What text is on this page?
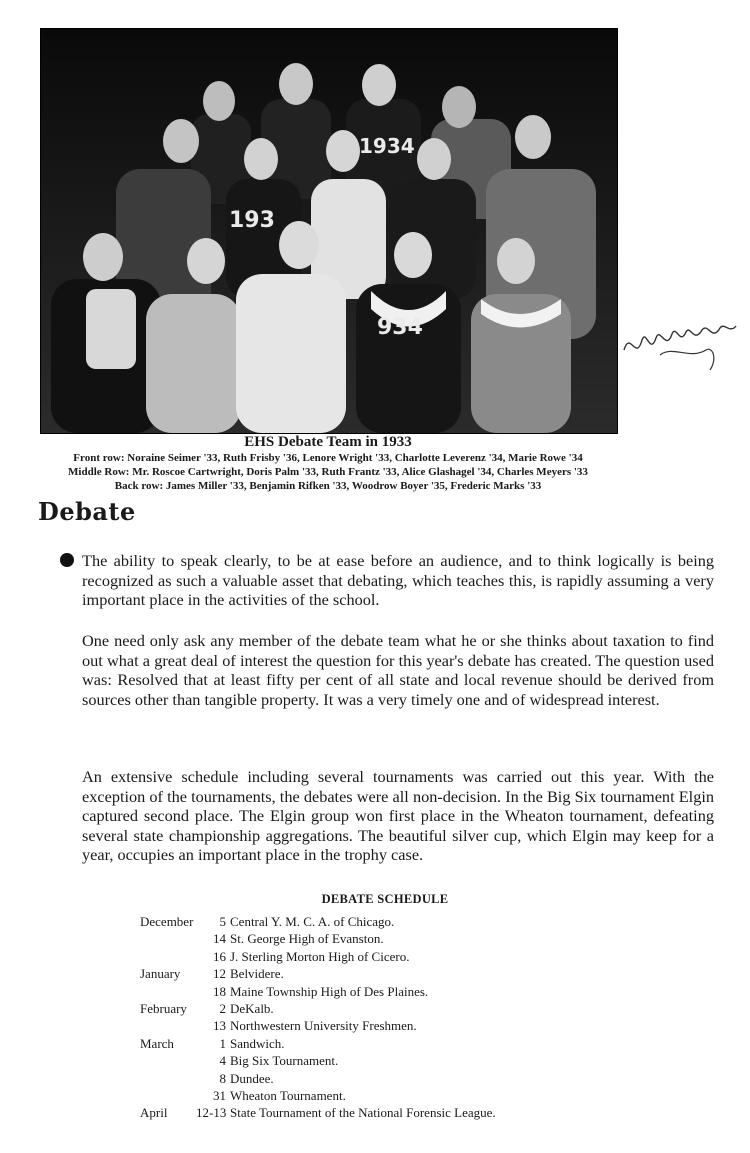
1934
193
934
EHS Debate Team in 1933
Front row: Noraine Seimer '33, Ruth Frisby '36, Lenore Wright '33, Charlotte Leverenz '34, Marie Rowe '34
Middle Row: Mr. Roscoe Cartwright, Doris Palm '33, Ruth Frantz '33, Alice Glashagel '34, Charles Meyers '33
Back row: James Miller '33, Benjamin Rifken '33, Woodrow Boyer '35, Frederic Marks '33
Debate

The ability to speak clearly, to be at ease before an audience, and to think logically is being recognized as such a valuable asset that debating, which teaches this, is rapidly assuming a very important place in the activities of the school.

One need only ask any member of the debate team what he or she thinks about taxation to find out what a great deal of interest the question for this year's debate has created. The question used was: Resolved that at least fifty per cent of all state and local revenue should be derived from sources other than tangible property. It was a very timely one and of widespread interest.

An extensive schedule including several tournaments was carried out this year. With the exception of the tournaments, the debates were all non-decision. In the Big Six tournament Elgin captured second place. The Elgin group won first place in the Wheaton tournament, defeating several state championship aggregations. The beautiful silver cup, which Elgin may keep for a year, occupies an important place in the trophy case.

DEBATE SCHEDULE
December 5 Central Y. M. C. A. of Chicago.
14 St. George High of Evanston.
16 J. Sterling Morton High of Cicero.
January	12 Belvidere.
18 Maine Township High of Des Plaines.
February	2 DeKalb.
13 Northwestern University Freshmen.
March	1 Sandwich.
4 Big Six Tournament.
8 Dundee.
31 Wheaton Tournament.
April 12-13 State Tournament of the National Forensic League.
